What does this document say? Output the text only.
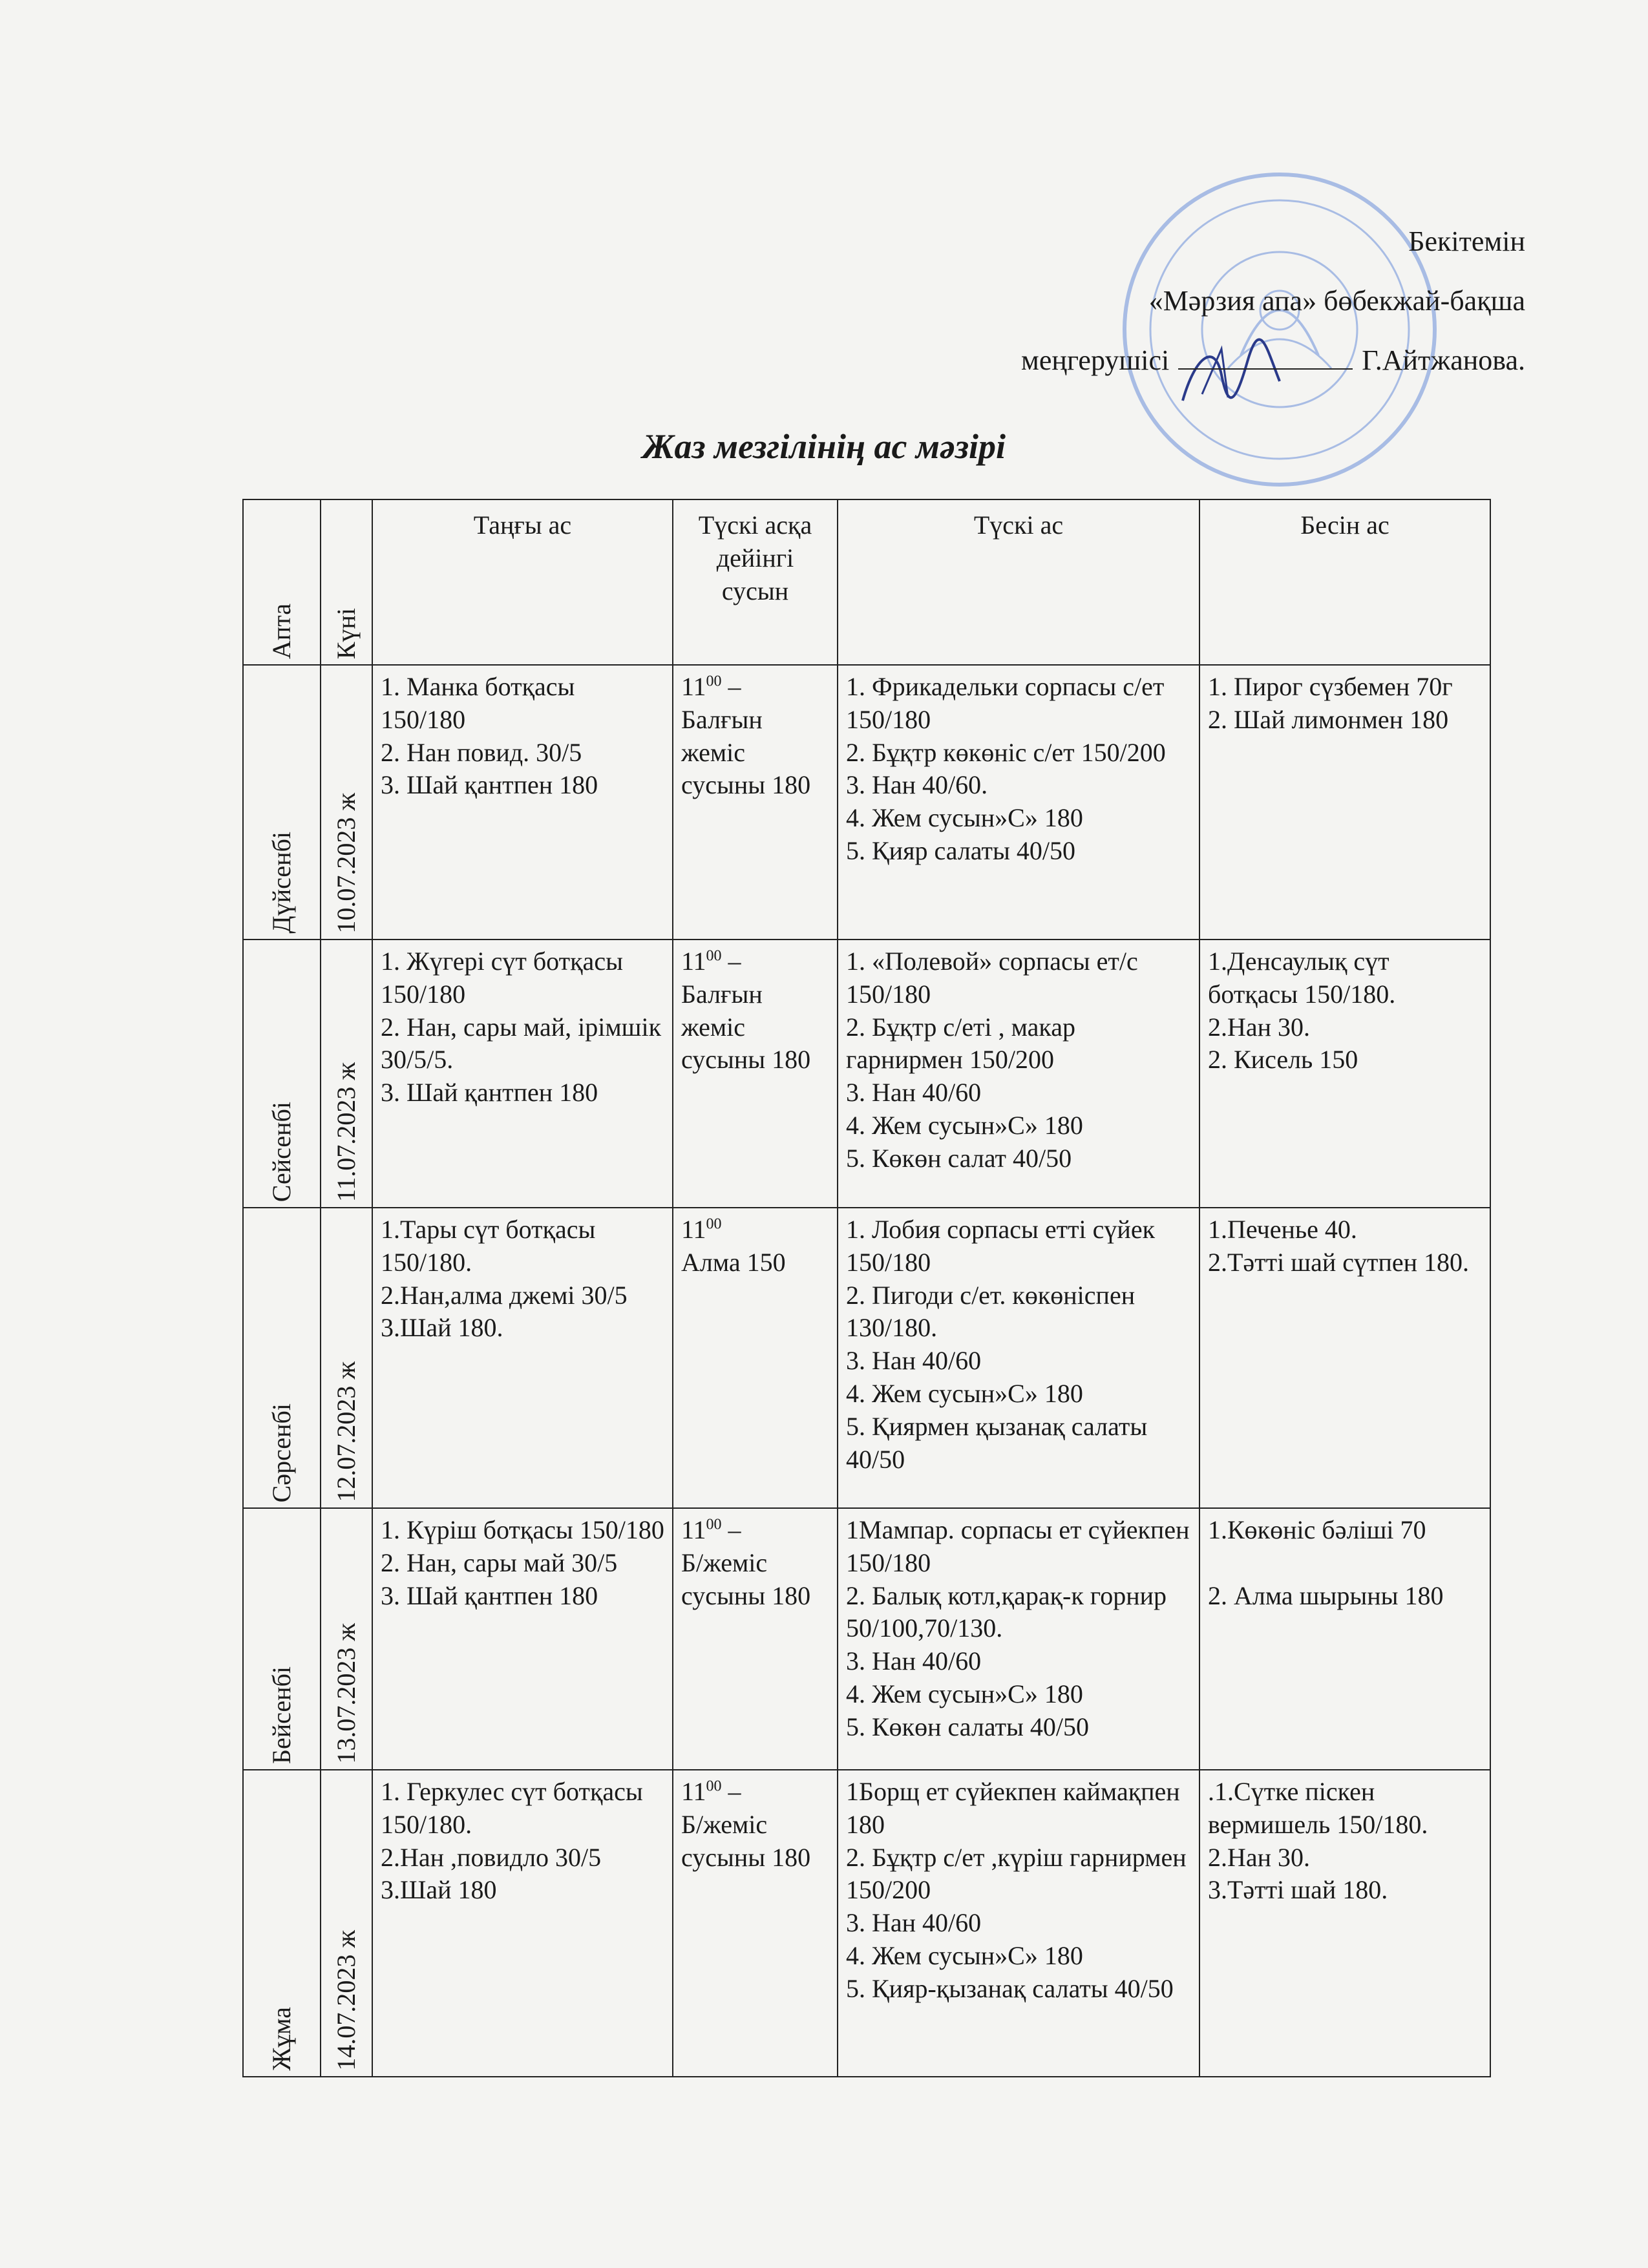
Бекітемін
«Мәрзия апа» бөбекжай-бақша
меңгерушісі	Г.Айтжанова.
Жаз мезгілінің ас мәзірі
Апта	Күні	Таңғы ас	Түскі асқа дейінгі сусын	Түскі ас	Бесін ас

Дүйсенбі	10.07.2023 ж	1. Манка ботқасы 150/180
2. Нан повид. 30/5
3. Шай қантпен 180	$11^{00}$ –
Балғын жеміс сусыны 180	1. Фрикадельки сорпасы с/ет 150/180
2. Бұқтр көкөніс с/ет 150/200
3. Нан 40/60.
4. Жем сусын»С» 180
5. Қияр салаты 40/50	1. Пирог сүзбемен 70г
2. Шай лимонмен 180

Сейсенбі	11.07.2023 ж	1. Жүгері сүт ботқасы 150/180
2. Нан, сары май, ірімшік 30/5/5.
3. Шай қантпен 180	$11^{00}$ –
Балғын жеміс сусыны 180	1. «Полевой» сорпасы ет/с 150/180
2. Бұқтр с/еті , макар гарнирмен 150/200
3. Нан 40/60
4. Жем сусын»С» 180
5. Көкөн салат 40/50	1.Денсаулық сүт ботқасы 150/180.
2.Нан 30.
2. Кисель 150

Сәрсенбі	12.07.2023 ж	1.Тары сүт ботқасы 150/180.
2.Нан,алма джемі 30/5
3.Шай 180.	$11^{00}$
Алма 150	1. Лобия сорпасы етті сүйек 150/180
2. Пигоди с/ет. көкөніспен 130/180.
3. Нан 40/60
4. Жем сусын»С» 180
5. Қиярмен қызанақ салаты 40/50	1.Печенье 40.
2.Тәтті шай сүтпен 180.

Бейсенбі	13.07.2023 ж	1. Күріш ботқасы 150/180
2. Нан, сары май 30/5
3. Шай қантпен 180	$11^{00}$ –
Б/жеміс сусыны 180	1Мампар. сорпасы ет сүйекпен 150/180
2. Балық котл,қарақ-к горнир 50/100,70/130.
3. Нан 40/60
4. Жем сусын»С» 180
5. Көкөн салаты 40/50	1.Көкөніс бәліші 70

2. Алма шырыны 180

Жұма	14.07.2023 ж	1. Геркулес сүт ботқасы 150/180.
2.Нан ,повидло 30/5
3.Шай 180	$11^{00}$ –
Б/жеміс сусыны 180	1Борщ ет сүйекпен каймақпен 180
2. Бұқтр с/ет ,күріш гарнирмен 150/200
3. Нан 40/60
4. Жем сусын»С» 180
5. Қияр-қызанақ салаты 40/50	.1.Сүтке піскен вермишель 150/180.
2.Нан 30.
3.Тәтті шай 180.
